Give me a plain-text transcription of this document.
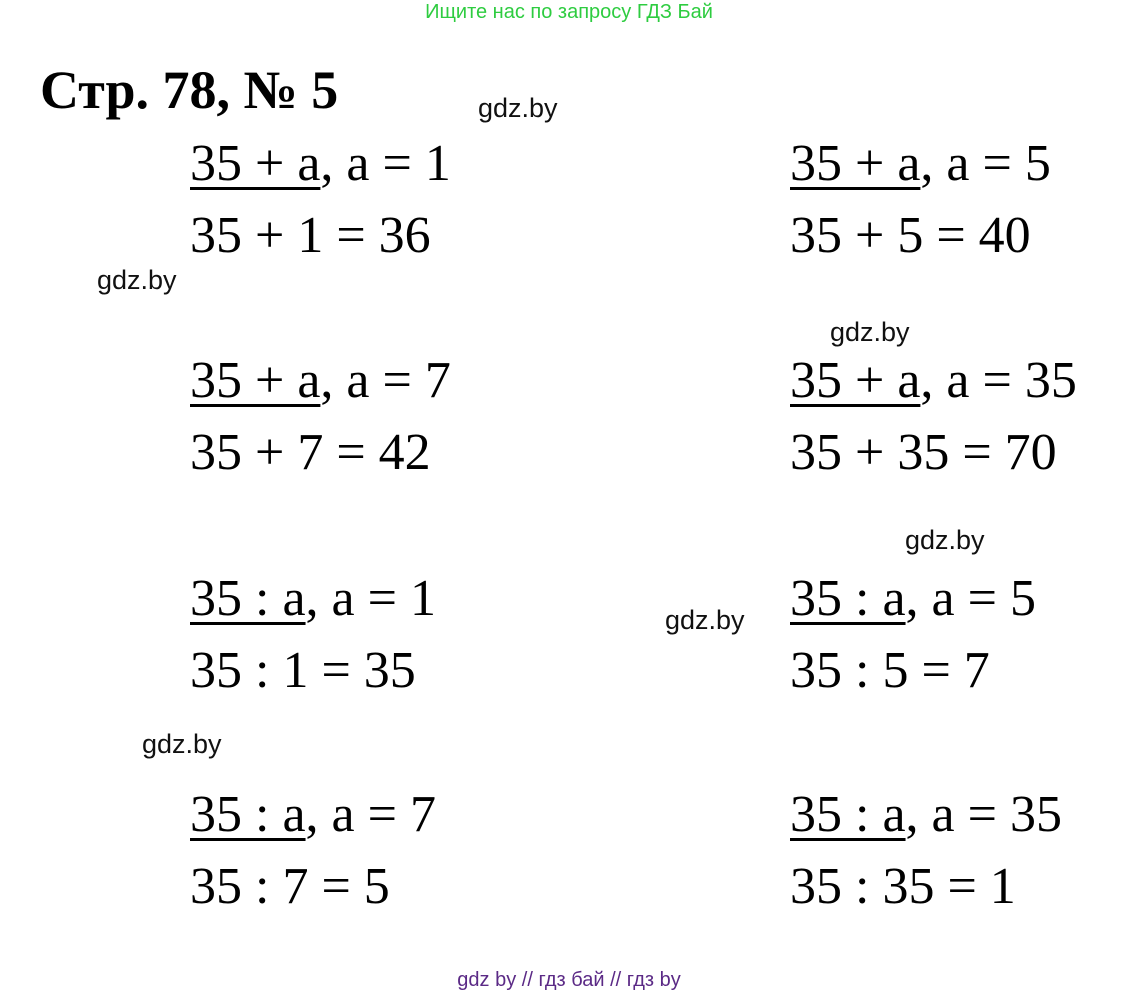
Ищите нас по запросу ГДЗ Бай
Стр. 78, № 5	gdz.by
gdz.by
gdz.by
gdz.by
gdz.by
gdz.by
35 + a, a = 1
35 + 1 = 36
35 + a, a = 7
35 + 7 = 42
35 : a, a = 1
35 : 1 = 35
35 : a, a = 7
35 : 7 = 5
35 + a, a = 5
35 + 5 = 40
35 + a, a = 35
35 + 35 = 70
35 : a, a = 5
35 : 5 = 7
35 : a, a = 35
35 : 35 = 1
gdz by // гдз бай // гдз by
